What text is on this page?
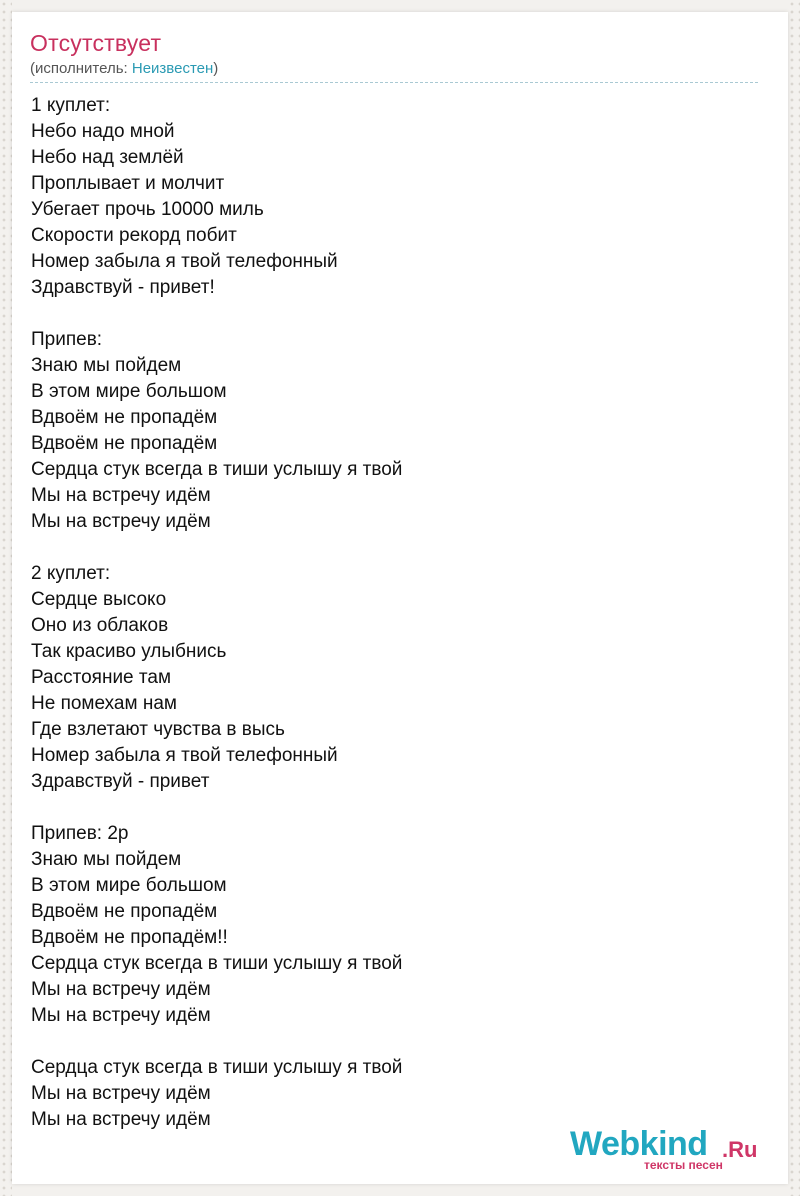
Отсутствует
(исполнитель: Неизвестен)
1 куплет:
Небо надо мной
Небо над землёй
Проплывает и молчит
Убегает прочь 10000 миль
Скорости рекорд побит
Номер забыла я твой телефонный
Здравствуй - привет!
Припев:
Знаю мы пойдем
В этом мире большом
Вдвоём не пропадём
Вдвоём не пропадём
Сердца стук всегда в тиши услышу я твой
Мы на встречу идём
Мы на встречу идём
2 куплет:
Сердце высоко
Оно из облаков
Так красиво улыбнись
Расстояние там
Не помехам нам
Где взлетают чувства в высь
Номер забыла я твой телефонный
Здравствуй - привет
Припев: 2р
Знаю мы пойдем
В этом мире большом
Вдвоём не пропадём
Вдвоём не пропадём!!
Сердца стук всегда в тиши услышу я твой
Мы на встречу идём
Мы на встречу идём
Сердца стук всегда в тиши услышу я твой
Мы на встречу идём
Мы на встречу идём
Webkind .Ru
тексты песен
